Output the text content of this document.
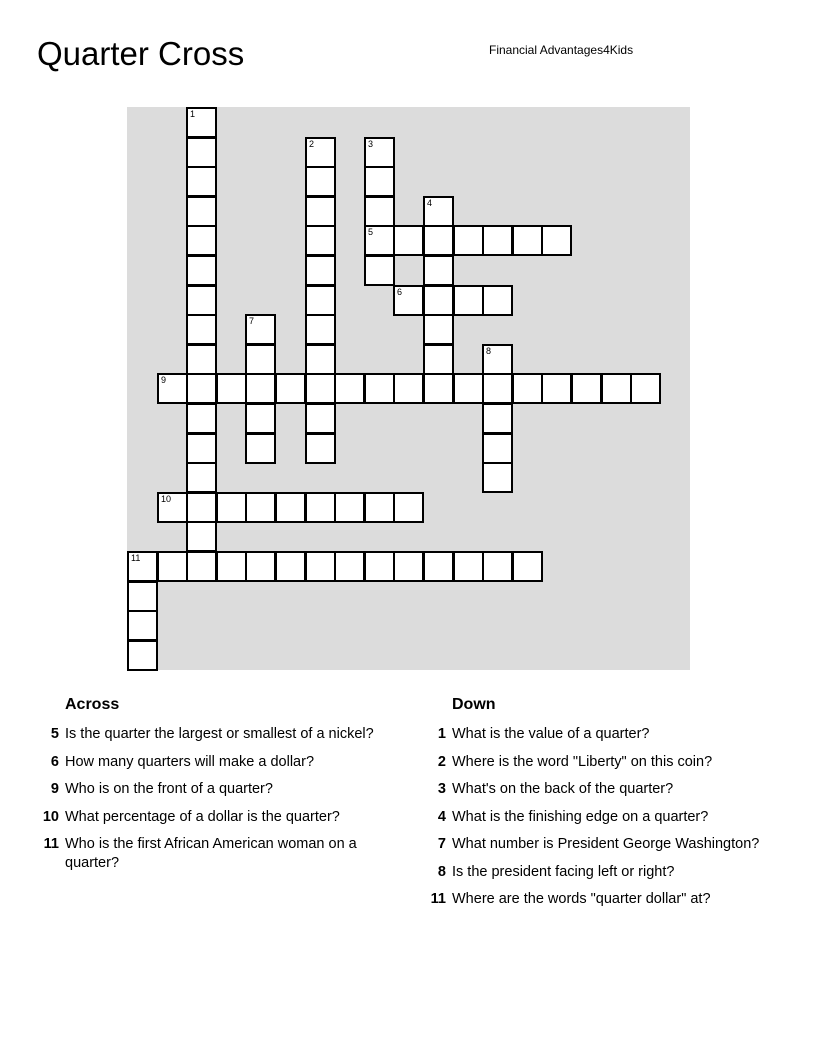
Quarter Cross	Financial Advantages4Kids
1
2	3
4
5
6
7
8
9
10
11
Across
5 Is the quarter the largest or smallest of a nickel?
6 How many quarters will make a dollar?
9 Who is on the front of a quarter?
10 What percentage of a dollar is the quarter?
11 Who is the first African American woman on a quarter?
Down
1 What is the value of a quarter?
2 Where is the word "Liberty" on this coin?
3 What's on the back of the quarter?
4 What is the finishing edge on a quarter?
7 What number is President George Washington?
8 Is the president facing left or right?
11 Where are the words "quarter dollar" at?
